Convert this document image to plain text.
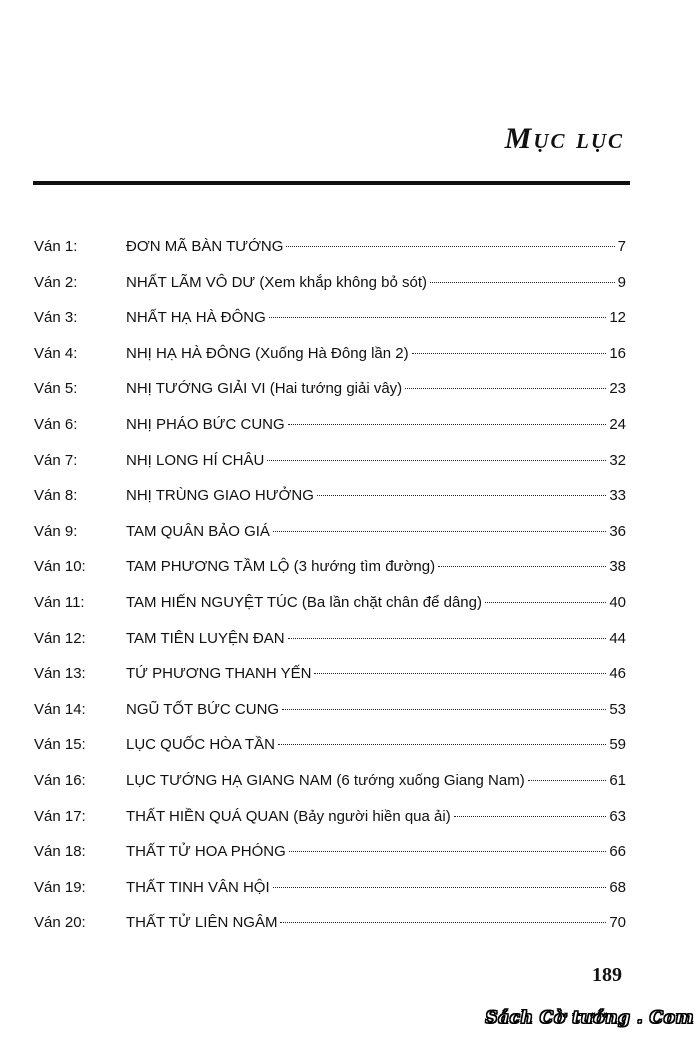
Mục lục
Ván 1:	ĐƠN MÃ BÀN TƯỚNG	7
Ván 2:	NHẤT LÃM VÔ DƯ (Xem khắp không bỏ sót)	9
Ván 3:	NHẤT HẠ HÀ ĐÔNG	12
Ván 4:	NHỊ HẠ HÀ ĐÔNG (Xuống Hà Đông lần 2)	16
Ván 5:	NHỊ TƯỚNG GIẢI VI (Hai tướng giải vây)	23
Ván 6:	NHỊ PHÁO BỨC CUNG	24
Ván 7:	NHỊ LONG HÍ CHÂU	32
Ván 8:	NHỊ TRÙNG GIAO HƯỞNG	33
Ván 9:	TAM QUÂN BẢO GIÁ	36
Ván 10:	TAM PHƯƠNG TẦM LỘ (3 hướng tìm đường)	38
Ván 11:	TAM HIẾN NGUYỆT TÚC (Ba lần chặt chân để dâng)	40
Ván 12:	TAM TIÊN LUYỆN ĐAN	44
Ván 13:	TỨ PHƯƠNG THANH YẾN	46
Ván 14:	NGŨ TỐT BỨC CUNG	53
Ván 15:	LỤC QUỐC HÒA TẦN	59
Ván 16:	LỤC TƯỚNG HẠ GIANG NAM (6 tướng xuống Giang Nam)	61
Ván 17:	THẤT HIỀN QUÁ QUAN (Bảy người hiền qua ải)	63
Ván 18:	THẤT TỬ HOA PHÓNG	66
Ván 19:	THẤT TINH VÂN HỘI	68
Ván 20:	THẤT TỬ LIÊN NGÂM	70
189
Sách Cờ tướng . Com
